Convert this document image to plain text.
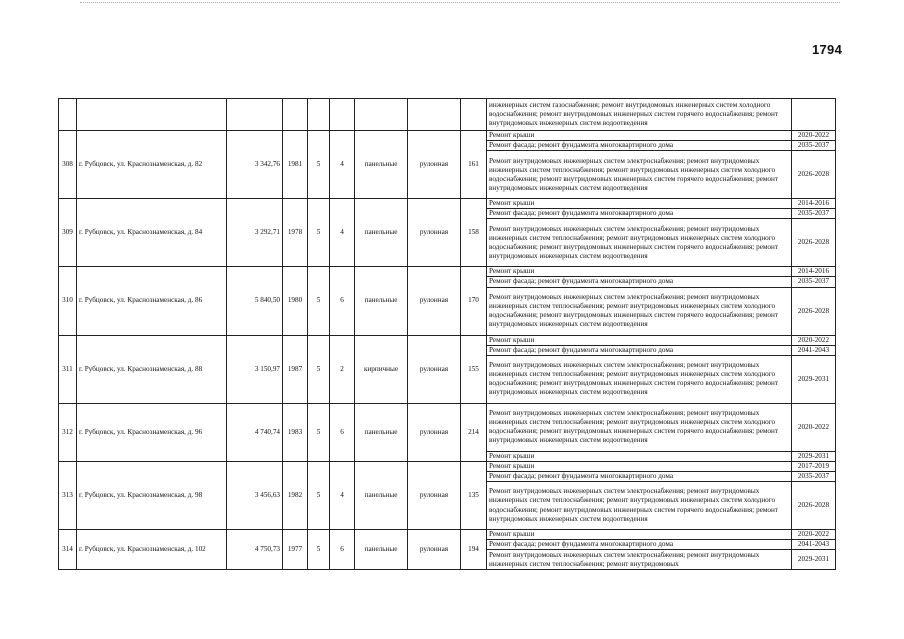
1794
									инженерных систем газоснабжения; ремонт внутридомовых инженерных систем холодного водоснабжения; ремонт внутридомовых инженерных систем горячего водоснабжения; ремонт внутридомовых инженерных систем водоотведения	
308	г. Рубцовск, ул. Краснознаменская, д. 82	3 342,76	1981	5	4	панельные	рулонная	161	Ремонт крыши	2020-2022
									Ремонт фасада; ремонт фундамента многоквартирного дома	2035-2037
									Ремонт внутридомовых инженерных систем электроснабжения; ремонт внутридомовых инженерных систем теплоснабжения; ремонт внутридомовых инженерных систем холодного водоснабжения; ремонт внутридомовых инженерных систем горячего водоснабжения; ремонт внутридомовых инженерных систем водоотведения	2026-2028
309	г. Рубцовск, ул. Краснознаменская, д. 84	3 292,71	1978	5	4	панельные	рулонная	158	Ремонт крыши	2014-2016
									Ремонт фасада; ремонт фундамента многоквартирного дома	2035-2037
									Ремонт внутридомовых инженерных систем электроснабжения; ремонт внутридомовых инженерных систем теплоснабжения; ремонт внутридомовых инженерных систем холодного водоснабжения; ремонт внутридомовых инженерных систем горячего водоснабжения; ремонт внутридомовых инженерных систем водоотведения	2026-2028
310	г. Рубцовск, ул. Краснознаменская, д. 86	5 840,50	1980	5	6	панельные	рулонная	170	Ремонт крыши	2014-2016
									Ремонт фасада; ремонт фундамента многоквартирного дома	2035-2037
									Ремонт внутридомовых инженерных систем электроснабжения; ремонт внутридомовых инженерных систем теплоснабжения; ремонт внутридомовых инженерных систем холодного водоснабжения; ремонт внутридомовых инженерных систем горячего водоснабжения; ремонт внутридомовых инженерных систем водоотведения	2026-2028
311	г. Рубцовск, ул. Краснознаменская, д. 88	3 150,97	1987	5	2	кирпичные	рулонная	155	Ремонт крыши	2020-2022
									Ремонт фасада; ремонт фундамента многоквартирного дома	2041-2043
									Ремонт внутридомовых инженерных систем электроснабжения; ремонт внутридомовых инженерных систем теплоснабжения; ремонт внутридомовых инженерных систем холодного водоснабжения; ремонт внутридомовых инженерных систем горячего водоснабжения; ремонт внутридомовых инженерных систем водоотведения	2029-2031
312	г. Рубцовск, ул. Краснознаменская, д. 96	4 740,74	1983	5	6	панельные	рулонная	214	Ремонт внутридомовых инженерных систем электроснабжения; ремонт внутридомовых инженерных систем теплоснабжения; ремонт внутридомовых инженерных систем холодного водоснабжения; ремонт внутридомовых инженерных систем горячего водоснабжения; ремонт внутридомовых инженерных систем водоотведения	2020-2022
									Ремонт крыши	2029-2031
313	г. Рубцовск, ул. Краснознаменская, д. 98	3 456,63	1982	5	4	панельные	рулонная	135	Ремонт крыши	2017-2019
									Ремонт фасада; ремонт фундамента многоквартирного дома	2035-2037
									Ремонт внутридомовых инженерных систем электроснабжения; ремонт внутридомовых инженерных систем теплоснабжения; ремонт внутридомовых инженерных систем холодного водоснабжения; ремонт внутридомовых инженерных систем горячего водоснабжения; ремонт внутридомовых инженерных систем водоотведения	2026-2028
314	г. Рубцовск, ул. Краснознаменская, д. 102	4 750,73	1977	5	6	панельные	рулонная	194	Ремонт крыши	2020-2022
									Ремонт фасада; ремонт фундамента многоквартирного дома	2041-2043
									Ремонт внутридомовых инженерных систем электроснабжения; ремонт внутридомовых инженерных систем теплоснабжения; ремонт внутридомовых	2029-2031
